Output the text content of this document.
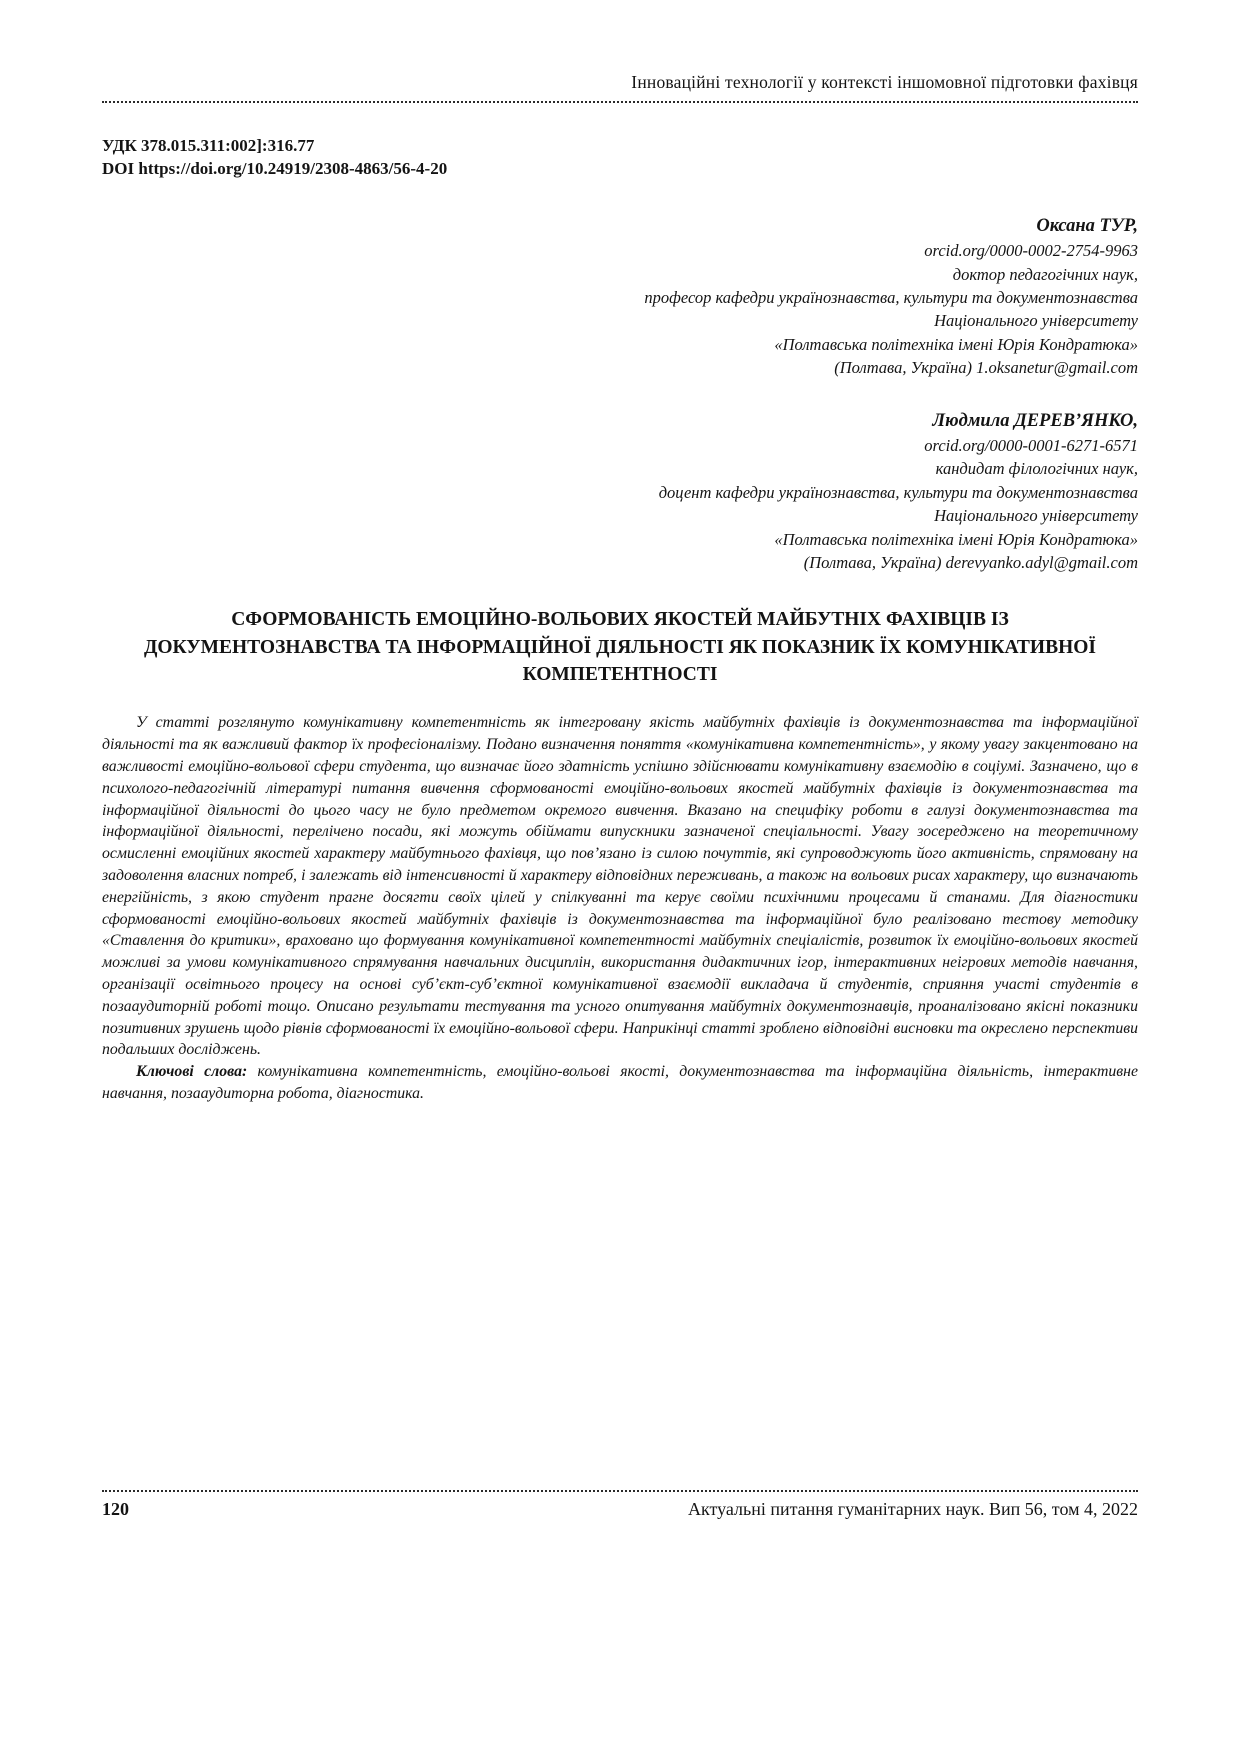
Інноваційні технології у контексті іншомовної підготовки фахівця
УДК 378.015.311:002]:316.77
DOI https://doi.org/10.24919/2308-4863/56-4-20
Оксана ТУР,
orcid.org/0000-0002-2754-9963
доктор педагогічних наук,
професор кафедри українознавства, культури та документознавства
Національного університету
«Полтавська політехніка імені Юрія Кондратюка»
(Полтава, Україна) 1.oksanetur@gmail.com
Людмила ДЕРЕВ’ЯНКО,
orcid.org/0000-0001-6271-6571
кандидат філологічних наук,
доцент кафедри українознавства, культури та документознавства
Національного університету
«Полтавська політехніка імені Юрія Кондратюка»
(Полтава, Україна) derevyanko.adyl@gmail.com
СФОРМОВАНІСТЬ ЕМОЦІЙНО-ВОЛЬОВИХ ЯКОСТЕЙ МАЙБУТНІХ ФАХІВЦІВ ІЗ ДОКУМЕНТОЗНАВСТВА ТА ІНФОРМАЦІЙНОЇ ДІЯЛЬНОСТІ ЯК ПОКАЗНИК ЇХ КОМУНІКАТИВНОЇ КОМПЕТЕНТНОСТІ

У статті розглянуто комунікативну компетентність як інтегровану якість майбутніх фахівців із документознавства та інформаційної діяльності та як важливий фактор їх професіоналізму. Подано визначення поняття «комунікативна компетентність», у якому увагу закцентовано на важливості емоційно-вольової сфери студента, що визначає його здатність успішно здійснювати комунікативну взаємодію в соціумі. Зазначено, що в психолого-педагогічній літературі питання вивчення сформованості емоційно-вольових якостей майбутніх фахівців із документознавства та інформаційної діяльності до цього часу не було предметом окремого вивчення. Вказано на специфіку роботи в галузі документознавства та інформаційної діяльності, перелічено посади, які можуть обіймати випускники зазначеної спеціальності. Увагу зосереджено на теоретичному осмисленні емоційних якостей характеру майбутнього фахівця, що пов’язано із силою почуттів, які супроводжують його активність, спрямовану на задоволення власних потреб, і залежать від інтенсивності й характеру відповідних переживань, а також на вольових рисах характеру, що визначають енергійність, з якою студент прагне досягти своїх цілей у спілкуванні та керує своїми психічними процесами й станами. Для діагностики сформованості емоційно-вольових якостей майбутніх фахівців із документознавства та інформаційної було реалізовано тестову методику «Ставлення до критики», враховано що формування комунікативної компетентності майбутніх спеціалістів, розвиток їх емоційно-вольових якостей можливі за умови комунікативного спрямування навчальних дисциплін, використання дидактичних ігор, інтерактивних неігрових методів навчання, організації освітнього процесу на основі суб’єкт-суб’єктної комунікативної взаємодії викладача й студентів, сприяння участі студентів в позааудиторній роботі тощо. Описано результати тестування та усного опитування майбутніх документознавців, проаналізовано якісні показники позитивних зрушень щодо рівнів сформованості їх емоційно-вольової сфери. Наприкінці статті зроблено відповідні висновки та окреслено перспективи подальших досліджень.

Ключові слова: комунікативна компетентність, емоційно-вольові якості, документознавства та інформаційна діяльність, інтерактивне навчання, позааудиторна робота, діагностика.

120	Актуальні питання гуманітарних наук. Вип 56, том 4, 2022
